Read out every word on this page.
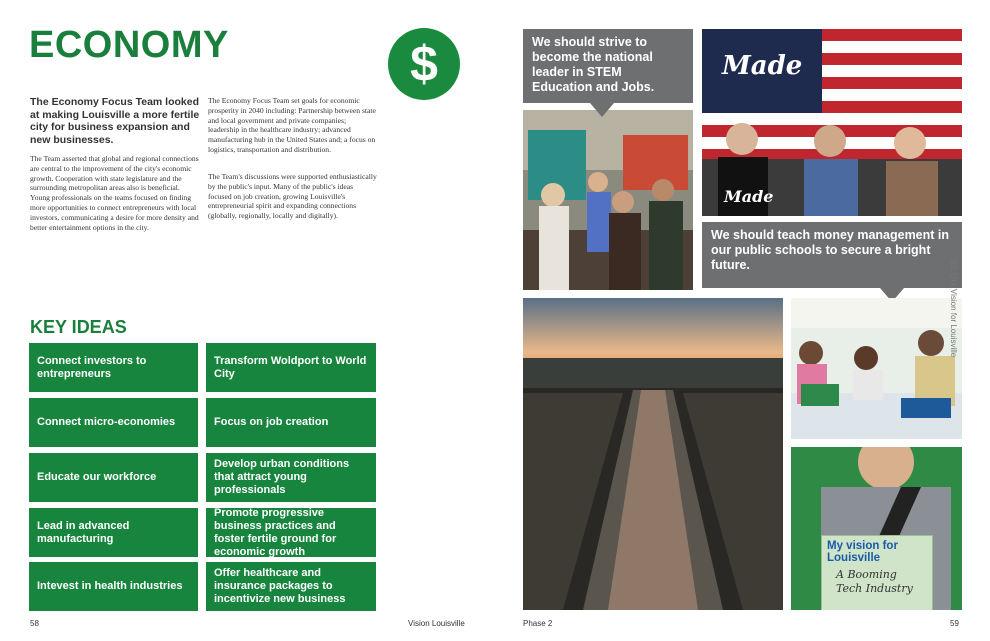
ECONOMY	$
The Economy Focus Team looked at making Louisville a more fertile city for business expansion and new businesses.
The Team asserted that global and regional connections are central to the improvement of the city's economic growth. Cooperation with state legislature and the surrounding metropolitan areas also is beneficial. Young professionals on the teams focused on finding more opportunities to connect entrepreneurs with local investors, communicating a desire for more density and better entertainment options in the city.
The Economy Focus Team set goals for economic prosperity in 2040 including: Partnership between state and local government and private companies; leadership in the healthcare industry; advanced manufacturing hub in the United States and; a focus on logistics, transportation and distribution.
The Team's discussions were supported enthusiastically by the public's input. Many of the public's ideas focused on job creation, growing Louisville's entrepreneurial spirit and expanding connections (globally, regionally, locally and digitally).
KEY IDEAS
Connect investors to entrepreneurs
Transform Woldport to World City
Connect micro-economies	Focus on job creation
Educate our workforce
Develop urban conditions that attract young professionals
Lead in advanced manufacturing
Promote progressive business practices and foster fertile ground for economic growth
Intevest in health industries
Offer healthcare and insurance packages to incentivize new business
58	Vision Louisville
We should strive to become the national leader in STEM Education and Jobs.
Made
Made
We should teach money management in our public schools to secure a bright future.
My vision for Louisville
A Booming Tech Industry
02: Our Vision for Louisville
Phase 2	59
